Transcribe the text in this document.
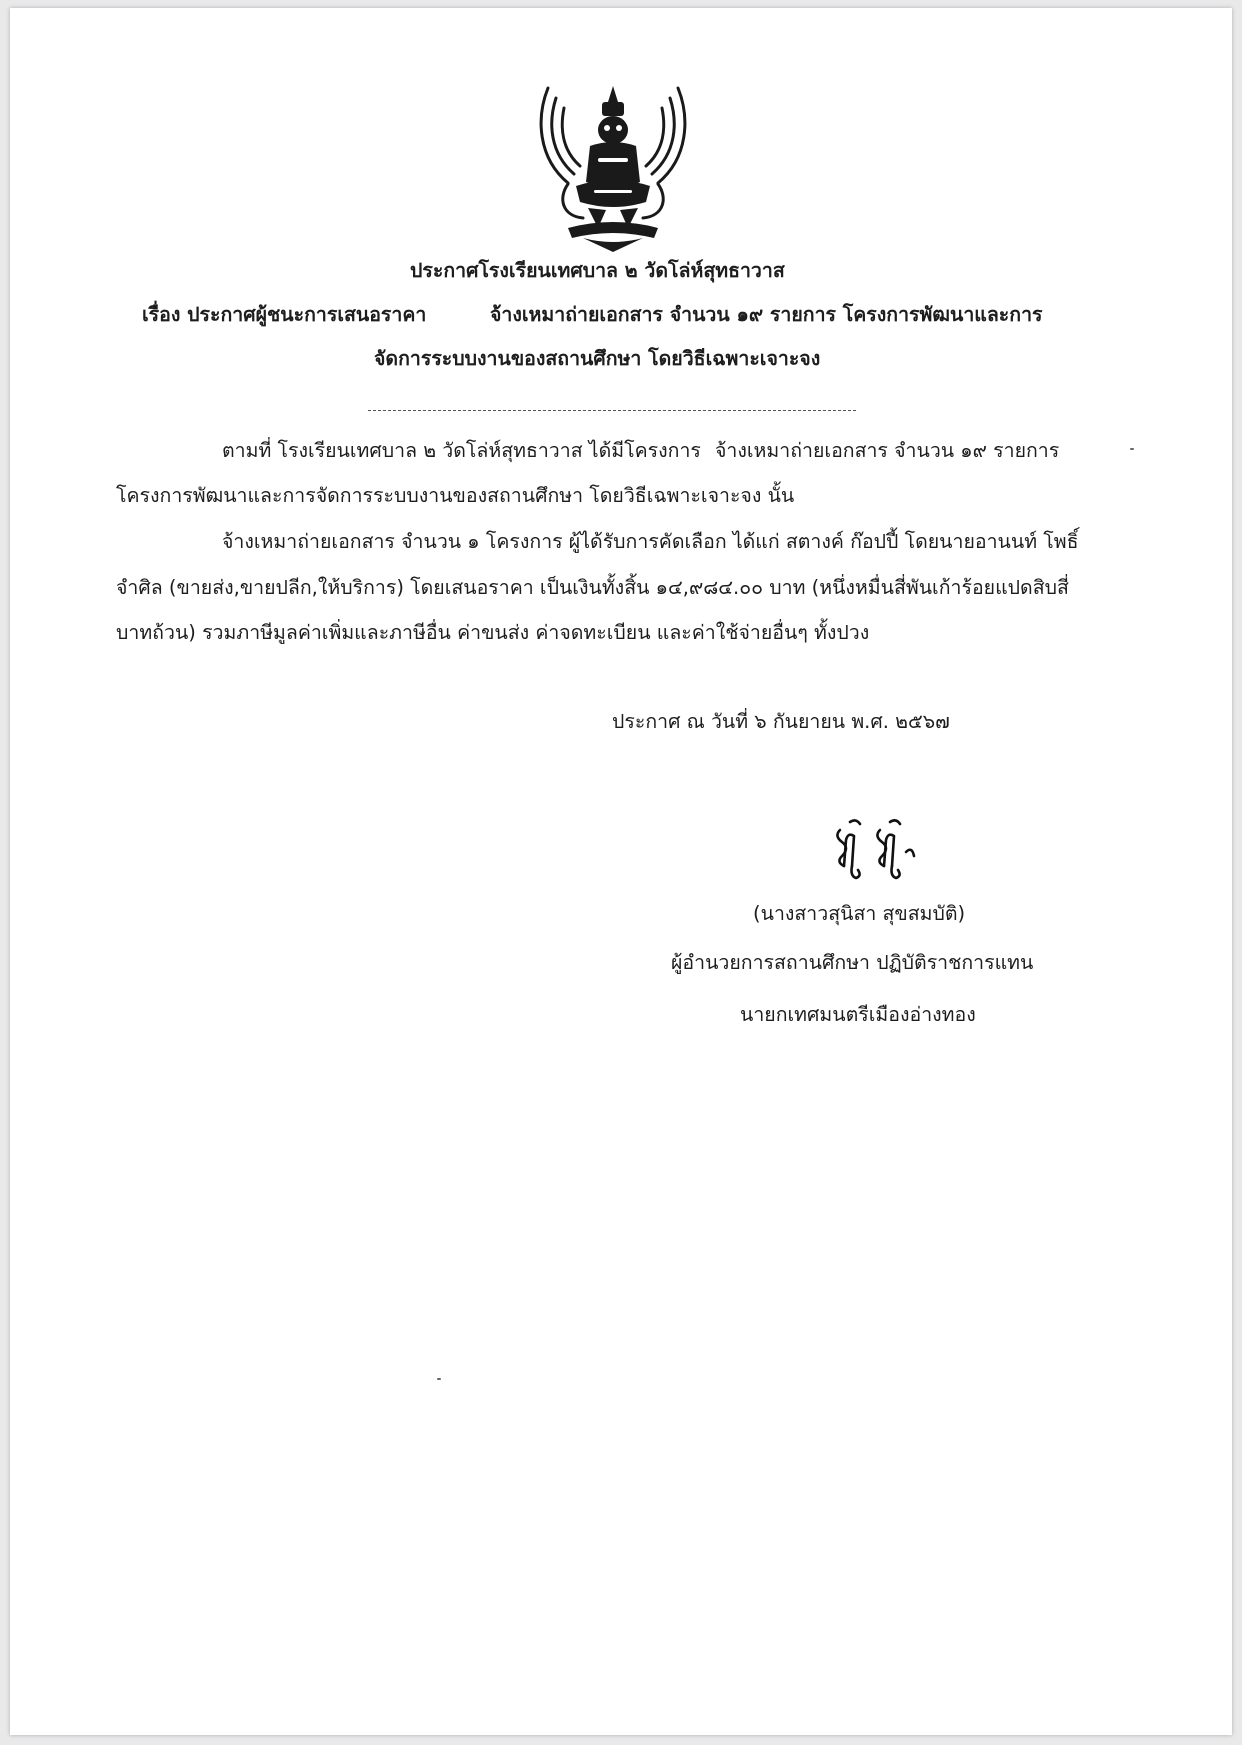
ประกาศโรงเรียนเทศบาล ๒ วัดโล่ห์สุทธาวาส
เรื่อง ประกาศผู้ชนะการเสนอราคา	จ้างเหมาถ่ายเอกสาร จำนวน ๑๙ รายการ โครงการพัฒนาและการ
จัดการระบบงานของสถานศึกษา โดยวิธีเฉพาะเจาะจง
ตามที่ โรงเรียนเทศบาล ๒ วัดโล่ห์สุทธาวาส ได้มีโครงการ จ้างเหมาถ่ายเอกสาร จำนวน ๑๙ รายการ
โครงการพัฒนาและการจัดการระบบงานของสถานศึกษา โดยวิธีเฉพาะเจาะจง นั้น
จ้างเหมาถ่ายเอกสาร จำนวน ๑ โครงการ ผู้ได้รับการคัดเลือก ได้แก่ สตางค์ ก๊อปปี้ โดยนายอานนท์ โพธิ์
จำศิล (ขายส่ง,ขายปลีก,ให้บริการ) โดยเสนอราคา เป็นเงินทั้งสิ้น ๑๔,๙๘๔.๐๐ บาท (หนึ่งหมื่นสี่พันเก้าร้อยแปดสิบสี่
บาทถ้วน) รวมภาษีมูลค่าเพิ่มและภาษีอื่น ค่าขนส่ง ค่าจดทะเบียน และค่าใช้จ่ายอื่นๆ ทั้งปวง
ประกาศ ณ วันที่ ๖ กันยายน พ.ศ. ๒๕๖๗
(นางสาวสุนิสา สุขสมบัติ)
ผู้อำนวยการสถานศึกษา ปฏิบัติราชการแทน
นายกเทศมนตรีเมืองอ่างทอง
